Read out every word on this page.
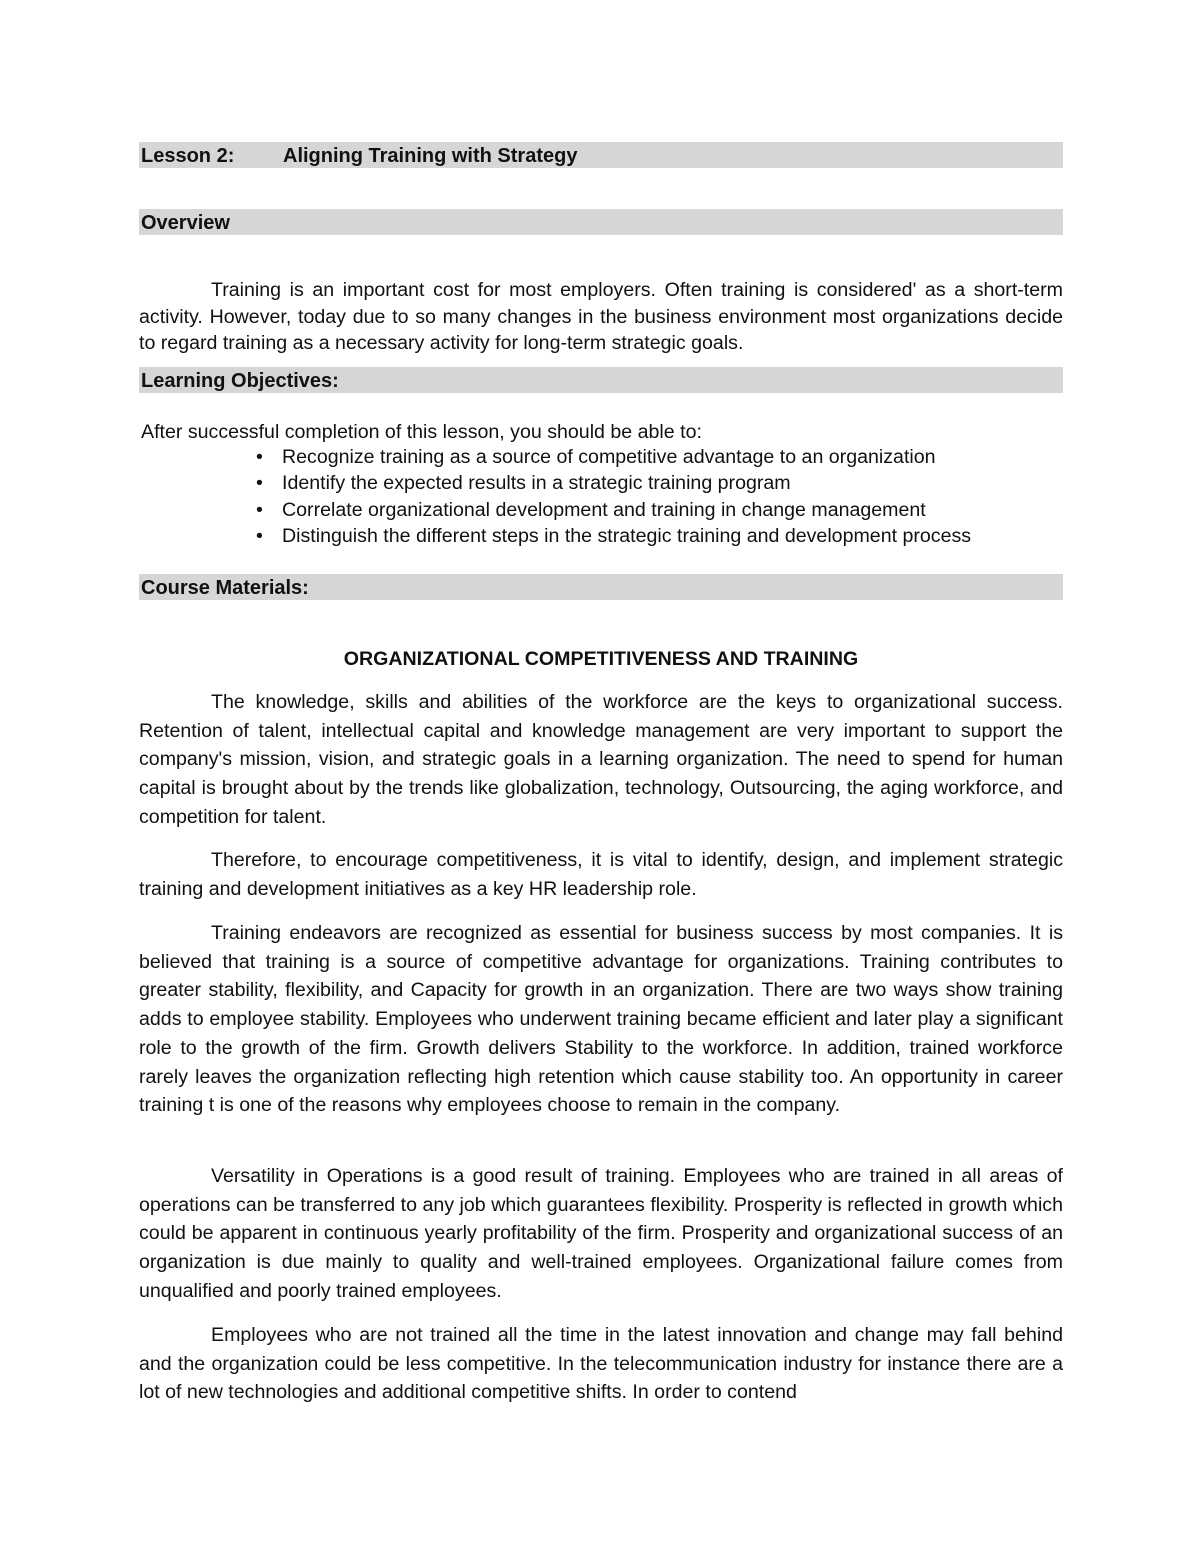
Lesson 2: Aligning Training with Strategy
Overview

Training is an important cost for most employers. Often training is considered' as a short-term activity. However, today due to so many changes in the business environment most organizations decide to regard training as a necessary activity for long-term strategic goals.

Learning Objectives:

After successful completion of this lesson, you should be able to:

• Recognize training as a source of competitive advantage to an organization
• Identify the expected results in a strategic training program
• Correlate organizational development and training in change management
• Distinguish the different steps in the strategic training and development process
Course Materials:

ORGANIZATIONAL COMPETITIVENESS AND TRAINING

The knowledge, skills and abilities of the workforce are the keys to organizational success. Retention of talent, intellectual capital and knowledge management are very important to support the company's mission, vision, and strategic goals in a learning organization. The need to spend for human capital is brought about by the trends like globalization, technology, Outsourcing, the aging workforce, and competition for talent.

Therefore, to encourage competitiveness, it is vital to identify, design, and implement strategic training and development initiatives as a key HR leadership role.

Training endeavors are recognized as essential for business success by most companies. It is believed that training is a source of competitive advantage for organizations. Training contributes to greater stability, flexibility, and Capacity for growth in an organization. There are two ways show training adds to employee stability. Employees who underwent training became efficient and later play a significant role to the growth of the firm. Growth delivers Stability to the workforce. In addition, trained workforce rarely leaves the organization reflecting high retention which cause stability too. An opportunity in career training t is one of the reasons why employees choose to remain in the company.

Versatility in Operations is a good result of training. Employees who are trained in all areas of operations can be transferred to any job which guarantees flexibility. Prosperity is reflected in growth which could be apparent in continuous yearly profitability of the firm. Prosperity and organizational success of an organization is due mainly to quality and well-trained employees. Organizational failure comes from unqualified and poorly trained employees.

Employees who are not trained all the time in the latest innovation and change may fall behind and the organization could be less competitive. In the telecommunication industry for instance there are a lot of new technologies and additional competitive shifts. In order to contend
